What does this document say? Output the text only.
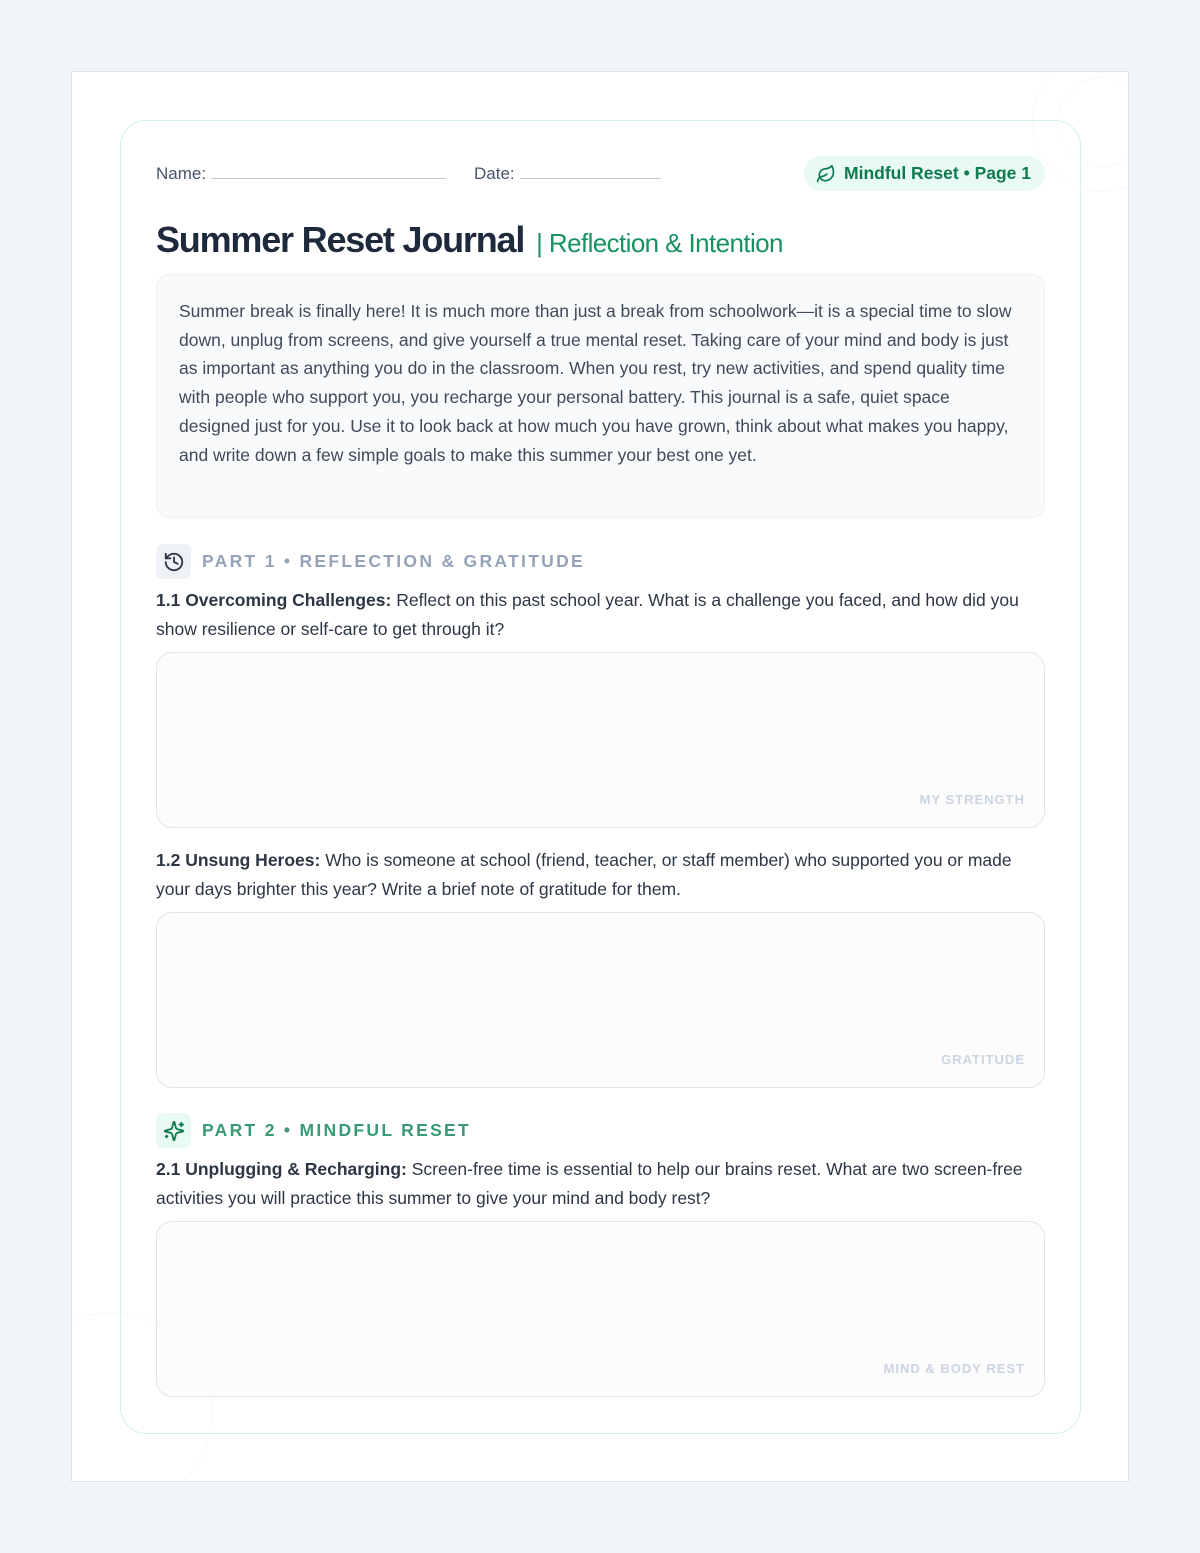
Name:	Date:	Mindful Reset • Page 1
Summer Reset Journal | Reflection & Intention
Summer break is finally here! It is much more than just a break from schoolwork—it is a special time to slow down, unplug from screens, and give yourself a true mental reset. Taking care of your mind and body is just as important as anything you do in the classroom. When you rest, try new activities, and spend quality time with people who support you, you recharge your personal battery. This journal is a safe, quiet space designed just for you. Use it to look back at how much you have grown, think about what makes you happy, and write down a few simple goals to make this summer your best one yet.
PART 1 • REFLECTION & GRATITUDE
1.1 Overcoming Challenges: Reflect on this past school year. What is a challenge you faced, and how did you show resilience or self-care to get through it?
MY STRENGTH
1.2 Unsung Heroes: Who is someone at school (friend, teacher, or staff member) who supported you or made your days brighter this year? Write a brief note of gratitude for them.
GRATITUDE
PART 2 • MINDFUL RESET
2.1 Unplugging & Recharging: Screen-free time is essential to help our brains reset. What are two screen-free activities you will practice this summer to give your mind and body rest?
MIND & BODY REST
